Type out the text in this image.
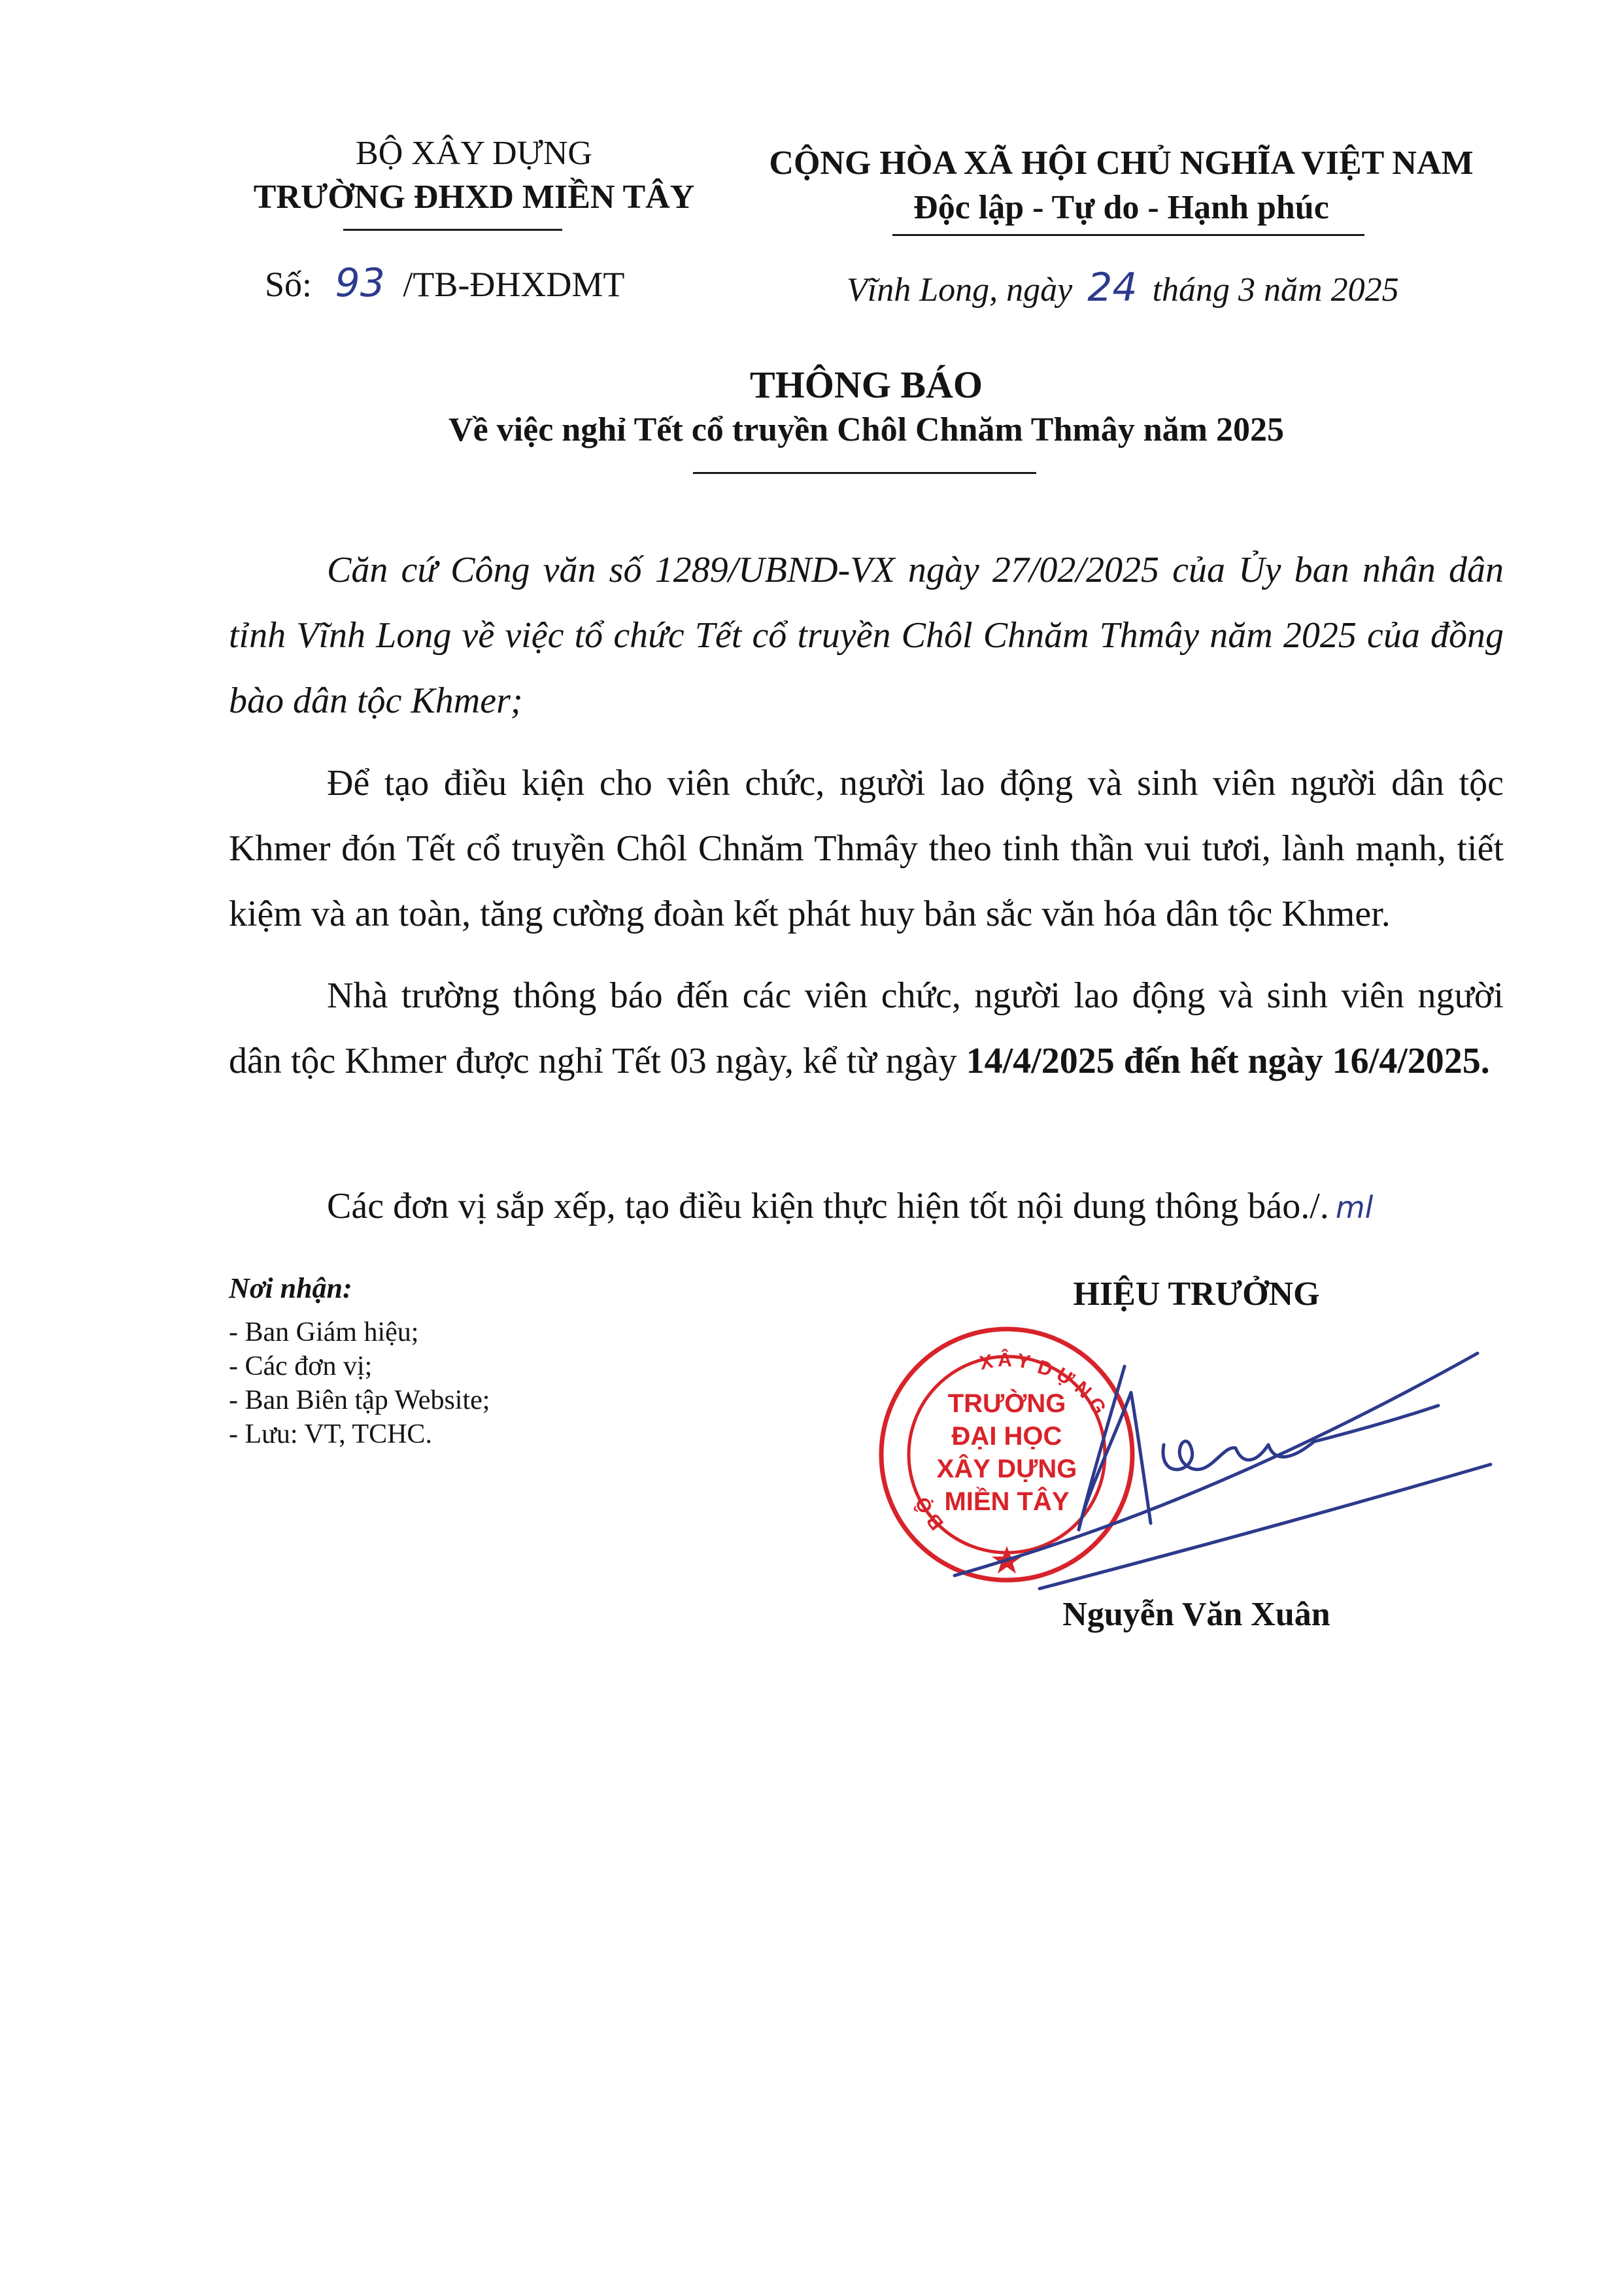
BỘ XÂY DỰNG
TRƯỜNG ĐHXD MIỀN TÂY
Số: 93 /TB-ĐHXDMT
CỘNG HÒA XÃ HỘI CHỦ NGHĨA VIỆT NAM
Độc lập - Tự do - Hạnh phúc
Vĩnh Long, ngày 24 tháng 3 năm 2025
THÔNG BÁO
Về việc nghỉ Tết cổ truyền Chôl Chnăm Thmây năm 2025
Căn cứ Công văn số 1289/UBND-VX ngày 27/02/2025 của Ủy ban nhân dân tỉnh Vĩnh Long về việc tổ chức Tết cổ truyền Chôl Chnăm Thmây năm 2025 của đồng bào dân tộc Khmer;
Để tạo điều kiện cho viên chức, người lao động và sinh viên người dân tộc Khmer đón Tết cổ truyền Chôl Chnăm Thmây theo tinh thần vui tươi, lành mạnh, tiết kiệm và an toàn, tăng cường đoàn kết phát huy bản sắc văn hóa dân tộc Khmer.
Nhà trường thông báo đến các viên chức, người lao động và sinh viên người dân tộc Khmer được nghỉ Tết 03 ngày, kể từ ngày 14/4/2025 đến hết ngày 16/4/2025.
Các đơn vị sắp xếp, tạo điều kiện thực hiện tốt nội dung thông báo./. ml
Nơi nhận:
- Ban Giám hiệu;
- Các đơn vị;
- Ban Biên tập Website;
- Lưu: VT, TCHC.
HIỆU TRƯỞNG
XÂY
DỰNG
BỘ
TRƯỜNG
ĐẠI HỌC
XÂY DỰNG
MIỀN TÂY
Nguyễn Văn Xuân
